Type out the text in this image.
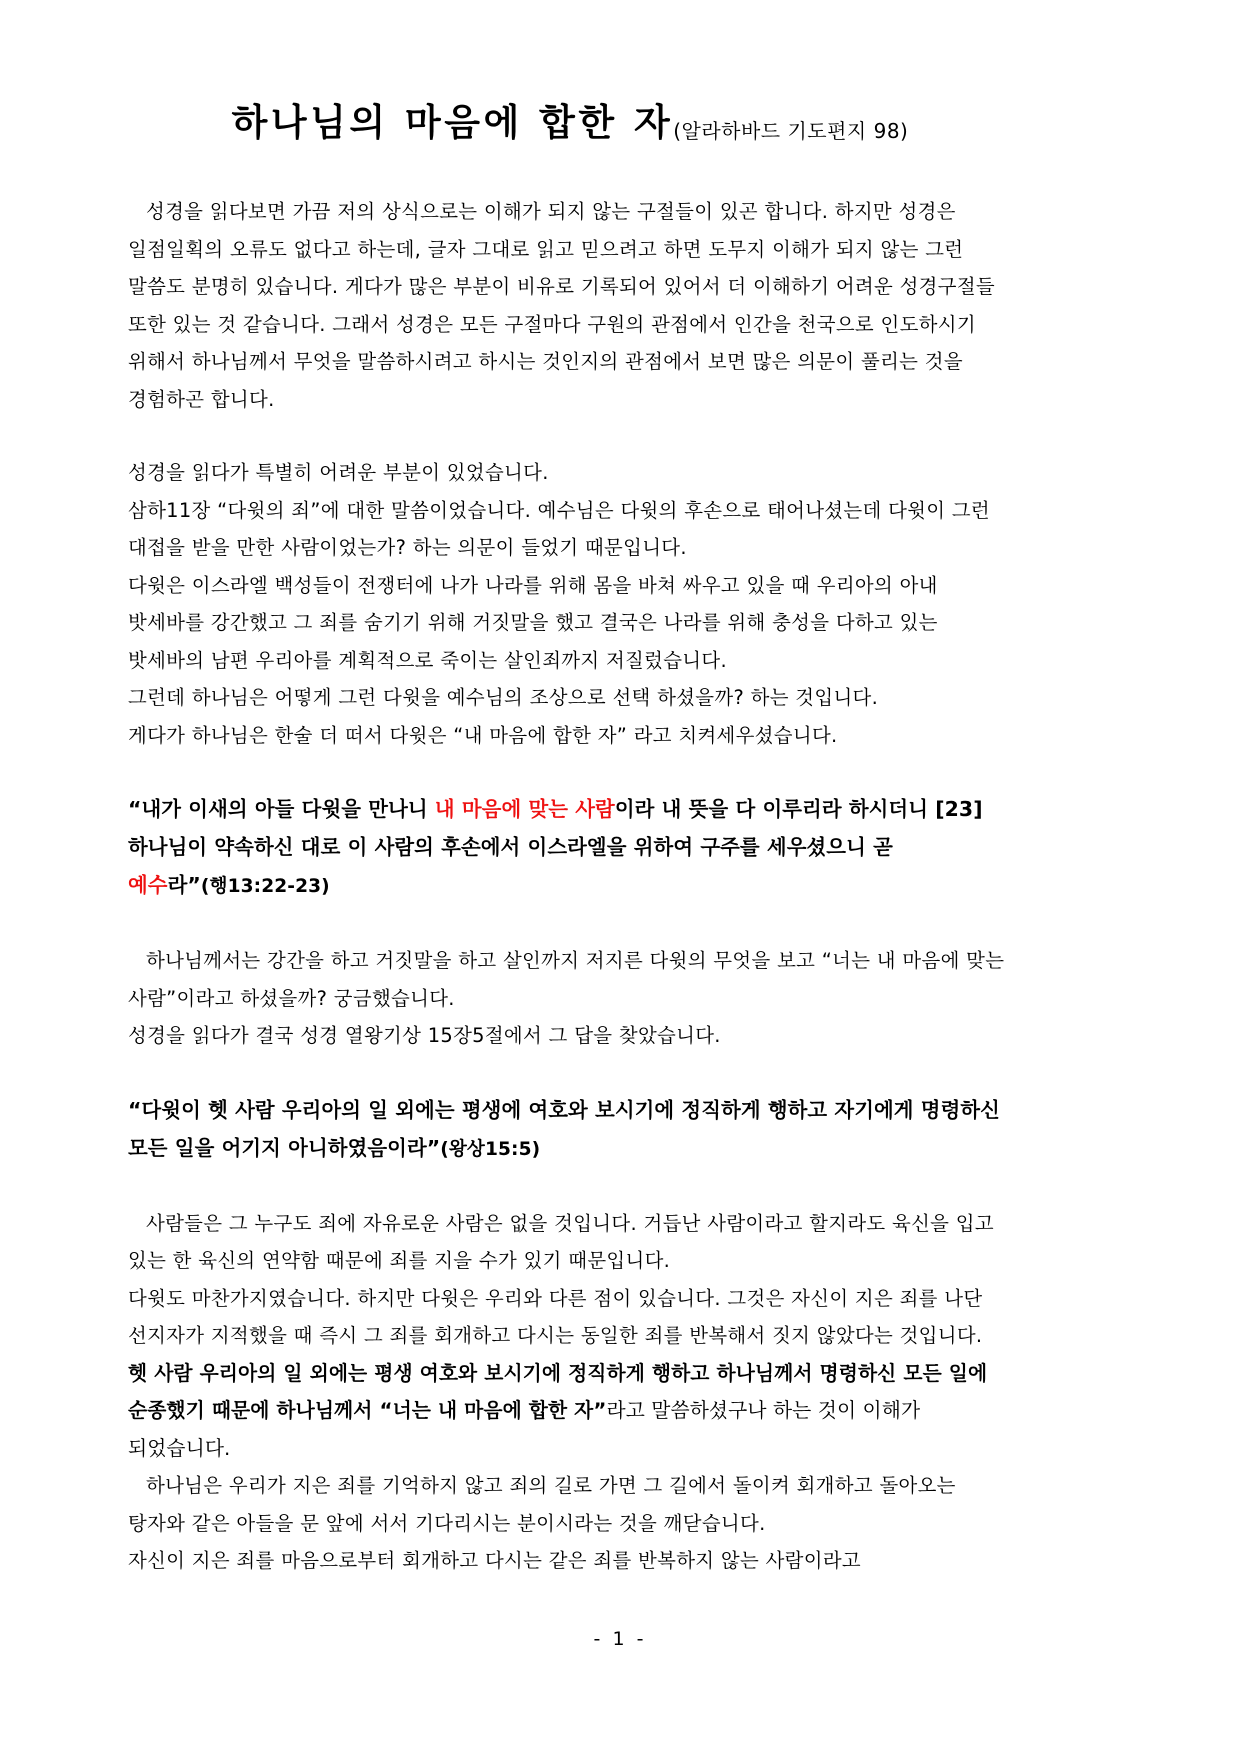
하나님의 마음에 합한 자(알라하바드 기도편지 98)

성경을 읽다보면 가끔 저의 상식으로는 이해가 되지 않는 구절들이 있곤 합니다. 하지만 성경은 일점일획의 오류도 없다고 하는데, 글자 그대로 읽고 믿으려고 하면 도무지 이해가 되지 않는 그런 말씀도 분명히 있습니다. 게다가 많은 부분이 비유로 기록되어 있어서 더 이해하기 어려운 성경구절들 또한 있는 것 같습니다. 그래서 성경은 모든 구절마다 구원의 관점에서 인간을 천국으로 인도하시기 위해서 하나님께서 무엇을 말씀하시려고 하시는 것인지의 관점에서 보면 많은 의문이 풀리는 것을 경험하곤 합니다.

성경을 읽다가 특별히 어려운 부분이 있었습니다.

삼하11장 “다윗의 죄”에 대한 말씀이었습니다. 예수님은 다윗의 후손으로 태어나셨는데 다윗이 그런 대접을 받을 만한 사람이었는가? 하는 의문이 들었기 때문입니다.

다윗은 이스라엘 백성들이 전쟁터에 나가 나라를 위해 몸을 바쳐 싸우고 있을 때 우리아의 아내 밧세바를 강간했고 그 죄를 숨기기 위해 거짓말을 했고 결국은 나라를 위해 충성을 다하고 있는 밧세바의 남편 우리아를 계획적으로 죽이는 살인죄까지 저질렀습니다.

그런데 하나님은 어떻게 그런 다윗을 예수님의 조상으로 선택 하셨을까? 하는 것입니다.

게다가 하나님은 한술 더 떠서 다윗은 “내 마음에 합한 자” 라고 치켜세우셨습니다.

“내가 이새의 아들 다윗을 만나니 내 마음에 맞는 사람이라 내 뜻을 다 이루리라 하시더니 [23] 하나님이 약속하신 대로 이 사람의 후손에서 이스라엘을 위하여 구주를 세우셨으니 곧 예수라”(행13:22-23)

하나님께서는 강간을 하고 거짓말을 하고 살인까지 저지른 다윗의 무엇을 보고 “너는 내 마음에 맞는 사람”이라고 하셨을까? 궁금했습니다.

성경을 읽다가 결국 성경 열왕기상 15장5절에서 그 답을 찾았습니다.

“다윗이 헷 사람 우리아의 일 외에는 평생에 여호와 보시기에 정직하게 행하고 자기에게 명령하신 모든 일을 어기지 아니하였음이라”(왕상15:5)

사람들은 그 누구도 죄에 자유로운 사람은 없을 것입니다. 거듭난 사람이라고 할지라도 육신을 입고 있는 한 육신의 연약함 때문에 죄를 지을 수가 있기 때문입니다.

다윗도 마찬가지였습니다. 하지만 다윗은 우리와 다른 점이 있습니다. 그것은 자신이 지은 죄를 나단 선지자가 지적했을 때 즉시 그 죄를 회개하고 다시는 동일한 죄를 반복해서 짓지 않았다는 것입니다.

헷 사람 우리아의 일 외에는 평생 여호와 보시기에 정직하게 행하고 하나님께서 명령하신 모든 일에 순종했기 때문에 하나님께서 “너는 내 마음에 합한 자”라고 말씀하셨구나 하는 것이 이해가 되었습니다.

하나님은 우리가 지은 죄를 기억하지 않고 죄의 길로 가면 그 길에서 돌이켜 회개하고 돌아오는 탕자와 같은 아들을 문 앞에 서서 기다리시는 분이시라는 것을 깨닫습니다.

자신이 지은 죄를 마음으로부터 회개하고 다시는 같은 죄를 반복하지 않는 사람이라고

- 1 -
